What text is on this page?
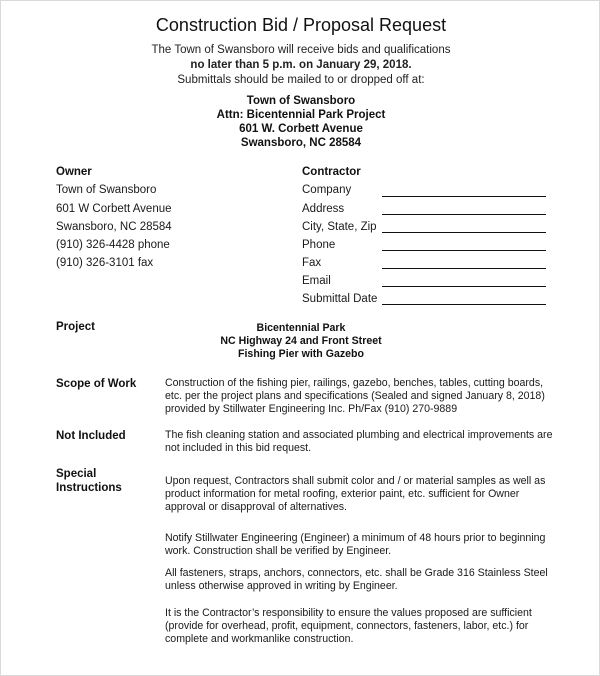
Construction Bid / Proposal Request
The Town of Swansboro will receive bids and qualifications
no later than 5 p.m. on January 29, 2018.
Submittals should be mailed to or dropped off at:
Town of Swansboro
Attn: Bicentennial Park Project
601 W. Corbett Avenue
Swansboro, NC 28584
Owner
Town of Swansboro
601 W Corbett Avenue
Swansboro, NC 28584
(910) 326-4428 phone
(910) 326-3101 fax
Contractor
Company
Address
City, State, Zip
Phone
Fax
Email
Submittal Date
Project	Bicentennial Park
NC Highway 24 and Front Street
Fishing Pier with Gazebo
Scope of Work	Construction of the fishing pier, railings, gazebo, benches, tables, cutting boards, etc. per the project plans and specifications (Sealed and signed January 8, 2018) provided by Stillwater Engineering Inc. Ph/Fax (910) 270-9889
Not Included	The fish cleaning station and associated plumbing and electrical improvements are not included in this bid request.
Special
Instructions
Upon request, Contractors shall submit color and / or material samples as well as product information for metal roofing, exterior paint, etc. sufficient for Owner approval or disapproval of alternatives.
Notify Stillwater Engineering (Engineer) a minimum of 48 hours prior to beginning work. Construction shall be verified by Engineer.
All fasteners, straps, anchors, connectors, etc. shall be Grade 316 Stainless Steel unless otherwise approved in writing by Engineer.
It is the Contractor’s responsibility to ensure the values proposed are sufficient (provide for overhead, profit, equipment, connectors, fasteners, labor, etc.) for complete and workmanlike construction.
